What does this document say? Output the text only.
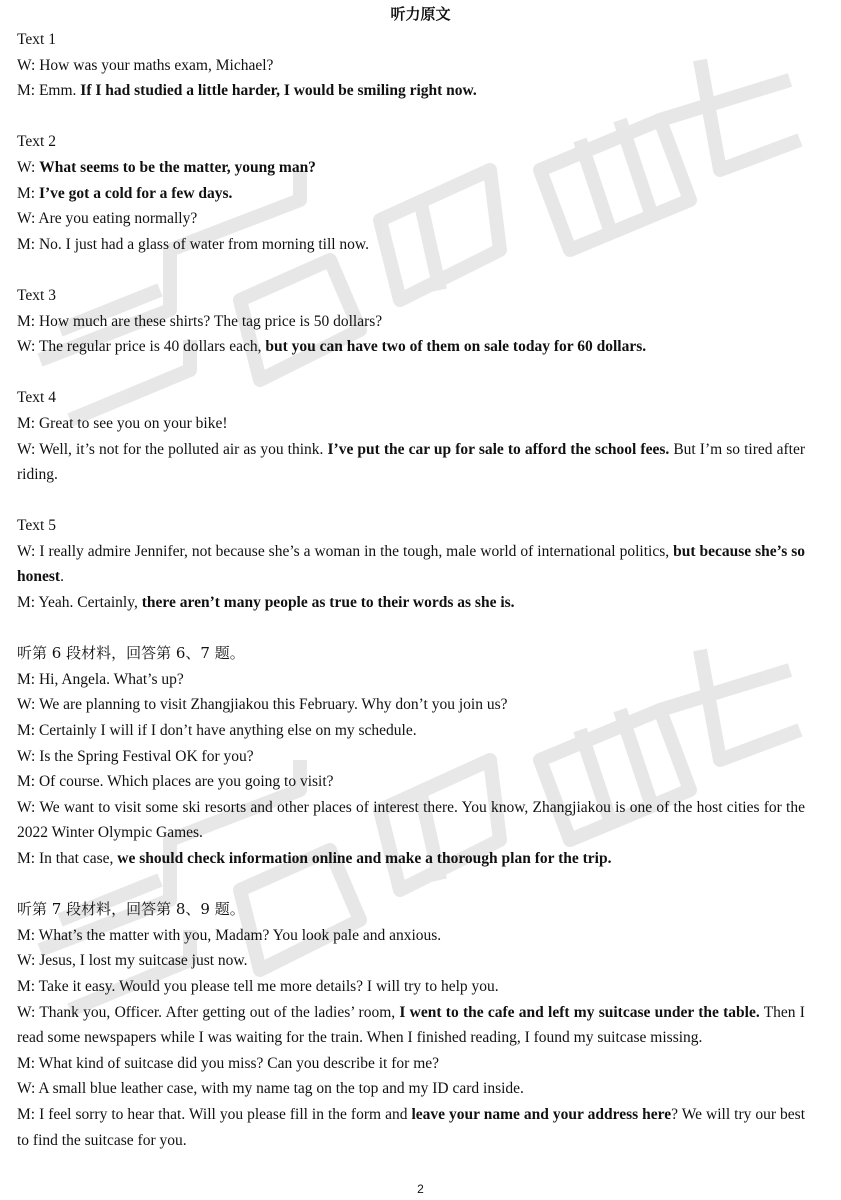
听力原文

Text 1

W: How was your maths exam, Michael?

M: Emm. If I had studied a little harder, I would be smiling right now.

Text 2

W: What seems to be the matter, young man?

M: I’ve got a cold for a few days.

W: Are you eating normally?

M: No. I just had a glass of water from morning till now.

Text 3

M: How much are these shirts? The tag price is 50 dollars?

W: The regular price is 40 dollars each, but you can have two of them on sale today for 60 dollars.

Text 4

M: Great to see you on your bike!

W: Well, it’s not for the polluted air as you think. I’ve put the car up for sale to afford the school fees. But I’m so tired after riding.

Text 5

W: I really admire Jennifer, not because she’s a woman in the tough, male world of international politics, but because she’s so honest.

M: Yeah. Certainly, there aren’t many people as true to their words as she is.

听第 6 段材料，回答第 6、7 题。

M: Hi, Angela. What’s up?

W: We are planning to visit Zhangjiakou this February. Why don’t you join us?

M: Certainly I will if I don’t have anything else on my schedule.

W: Is the Spring Festival OK for you?

M: Of course. Which places are you going to visit?

W: We want to visit some ski resorts and other places of interest there. You know, Zhangjiakou is one of the host cities for the 2022 Winter Olympic Games.

M: In that case, we should check information online and make a thorough plan for the trip.

听第 7 段材料，回答第 8、9 题。

M: What’s the matter with you, Madam? You look pale and anxious.

W: Jesus, I lost my suitcase just now.

M: Take it easy. Would you please tell me more details? I will try to help you.

W: Thank you, Officer. After getting out of the ladies’ room, I went to the cafe and left my suitcase under the table. Then I read some newspapers while I was waiting for the train. When I finished reading, I found my suitcase missing.

M: What kind of suitcase did you miss? Can you describe it for me?

W: A small blue leather case, with my name tag on the top and my ID card inside.

M: I feel sorry to hear that. Will you please fill in the form and leave your name and your address here? We will try our best to find the suitcase for you.

2
